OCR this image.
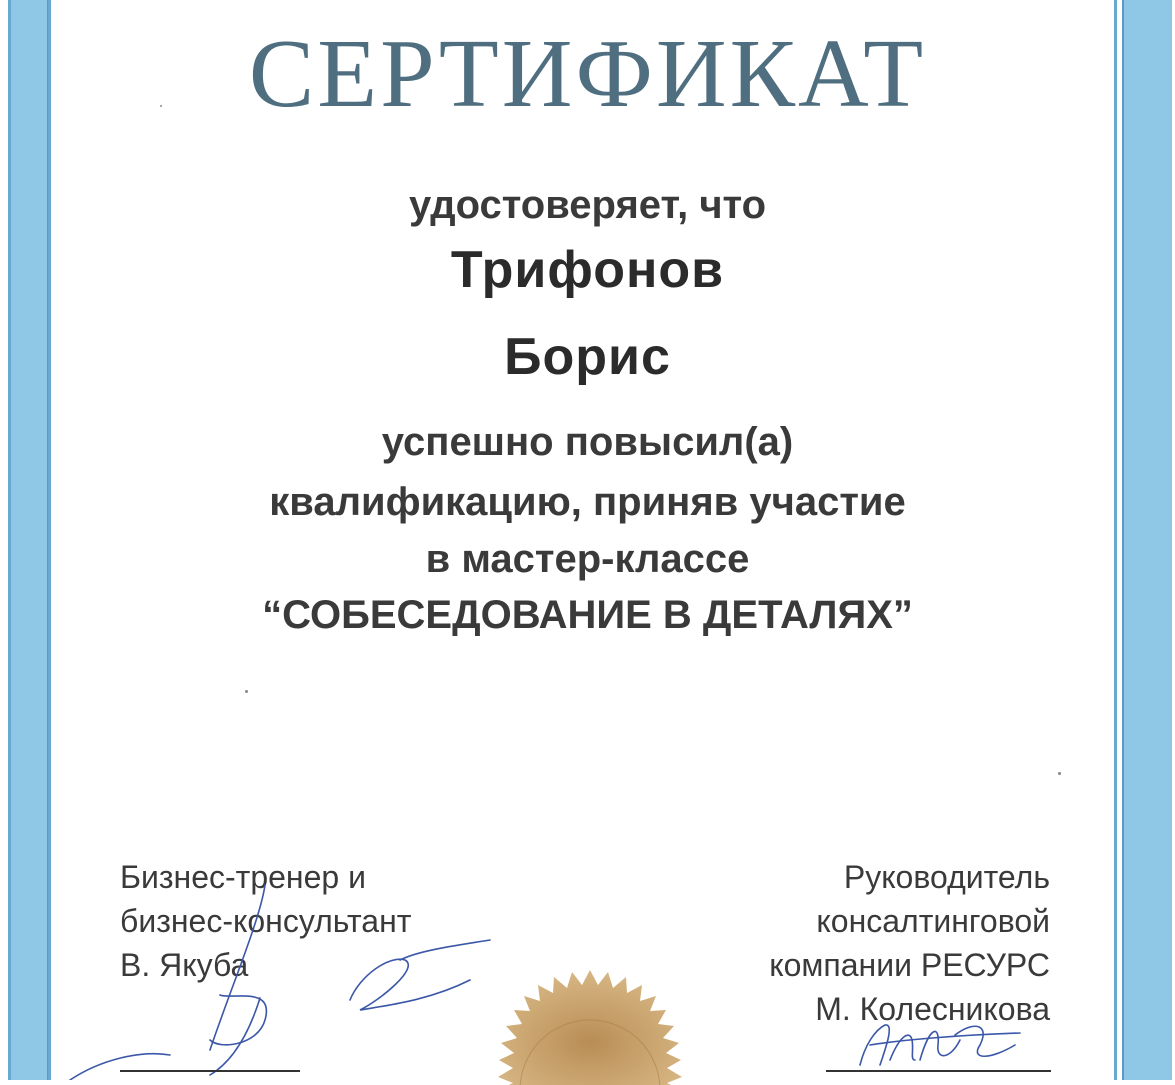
СЕРТИФИКАТ
удостоверяет, что
Трифонов
Борис
успешно повысил(а)
квалификацию, приняв участие
в мастер-классе
“СОБЕСЕДОВАНИЕ В ДЕТАЛЯХ”
Бизнес-тренер и
бизнес-консультант
В. Якуба
Руководитель
консалтинговой
компании РЕСУРС
М. Колесникова
